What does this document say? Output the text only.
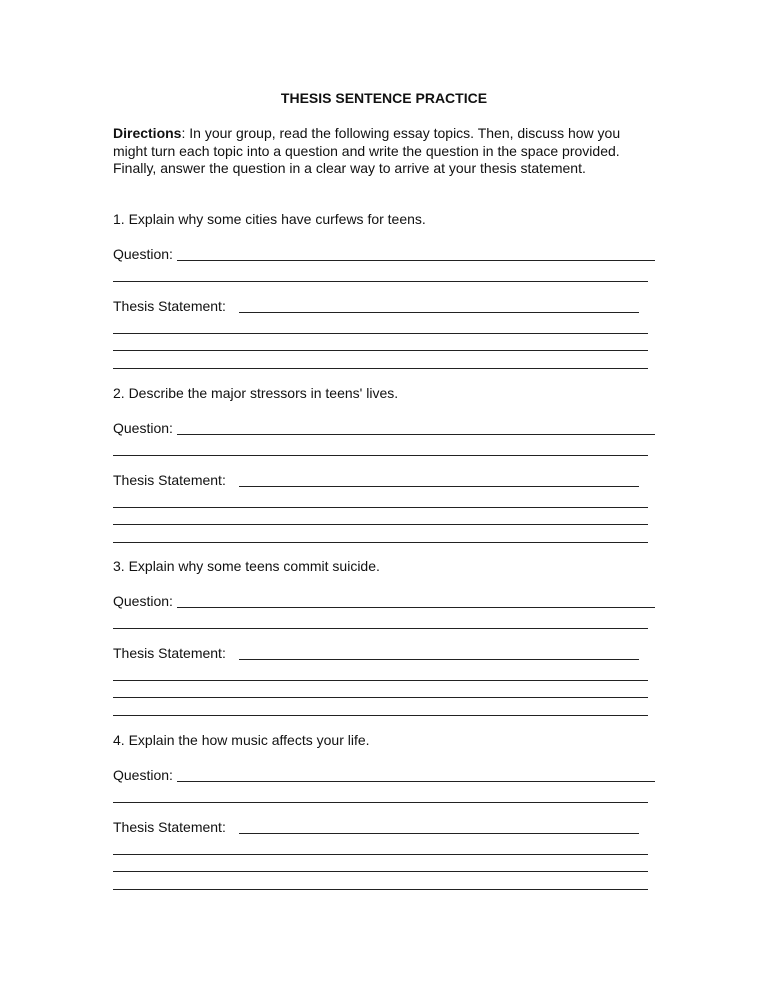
THESIS SENTENCE PRACTICE
Directions: In your group, read the following essay topics. Then, discuss how you might turn each topic into a question and write the question in the space provided. Finally, answer the question in a clear way to arrive at your thesis statement.
1. Explain why some cities have curfews for teens.
Question:
Thesis Statement:
2. Describe the major stressors in teens' lives.
Question:
Thesis Statement:
3. Explain why some teens commit suicide.
Question:
Thesis Statement:
4. Explain the how music affects your life.
Question:
Thesis Statement:
